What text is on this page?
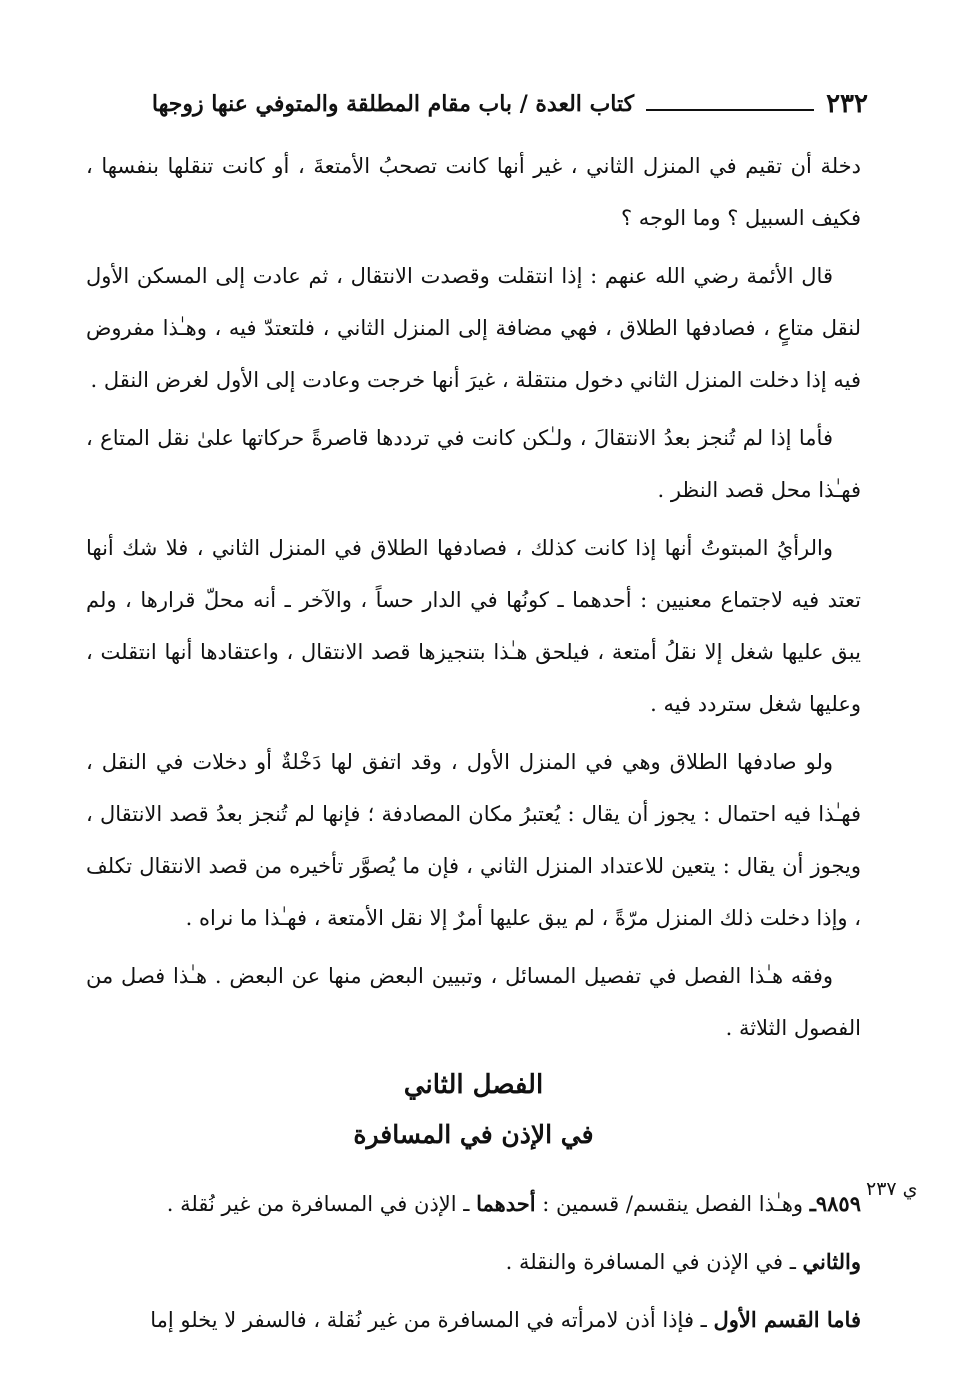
٢٣٢
كتاب العدة / باب مقام المطلقة والمتوفي عنها زوجها

دخلة أن تقيم في المنزل الثاني ، غير أنها كانت تصحبُ الأمتعةَ ، أو كانت تنقلها بنفسها ، فكيف السبيل ؟ وما الوجه ؟

قال الأئمة رضي الله عنهم : إذا انتقلت وقصدت الانتقال ، ثم عادت إلى المسكن الأول لنقل متاعٍ ، فصادفها الطلاق ، فهي مضافة إلى المنزل الثاني ، فلتعتدّ فيه ، وهـٰذا مفروض فيه إذا دخلت المنزل الثاني دخول منتقلة ، غيرَ أنها خرجت وعادت إلى الأول لغرض النقل .

فأما إذا لم تُنجز بعدُ الانتقالَ ، ولـٰكن كانت في ترددها قاصرةً حركاتها علىٰ نقل المتاع ، فهـٰذا محل قصد النظر .

والرأيُ المبتوتُ أنها إذا كانت كذلك ، فصادفها الطلاق في المنزل الثاني ، فلا شك أنها تعتد فيه لاجتماع معنيين : أحدهما ـ كونُها في الدار حساً ، والآخر ـ أنه محلّ قرارها ، ولم يبق عليها شغل إلا نقلُ أمتعة ، فيلحق هـٰذا بتنجيزها قصد الانتقال ، واعتقادها أنها انتقلت ، وعليها شغل ستردد فيه .

ولو صادفها الطلاق وهي في المنزل الأول ، وقد اتفق لها دَخْلةٌ أو دخلات في النقل ، فهـٰذا فيه احتمال : يجوز أن يقال : يُعتبرُ مكان المصادفة ؛ فإنها لم تُنجز بعدُ قصد الانتقال ، ويجوز أن يقال : يتعين للاعتداد المنزل الثاني ، فإن ما يُصوَّر تأخيره من قصد الانتقال تكلف ، وإذا دخلت ذلك المنزل مرّةً ، لم يبق عليها أمرٌ إلا نقل الأمتعة ، فهـٰذا ما نراه .

وفقه هـٰذا الفصل في تفصيل المسائل ، وتبيين البعض منها عن البعض . هـٰذا فصل من الفصول الثلاثة .

الفصل الثاني
في الإذن في المسافرة

٩٨٥٩ـ وهـٰذا الفصل ينقسم/ قسمين : أحدهما ـ الإذن في المسافرة من غير نُقلة .

والثاني ـ في الإذن في المسافرة والنقلة .

فاما القسم الأول ـ فإذا أذن لامرأته في المسافرة من غير نُقلة ، فالسفر لا يخلو إما

ي ٢٣٧
